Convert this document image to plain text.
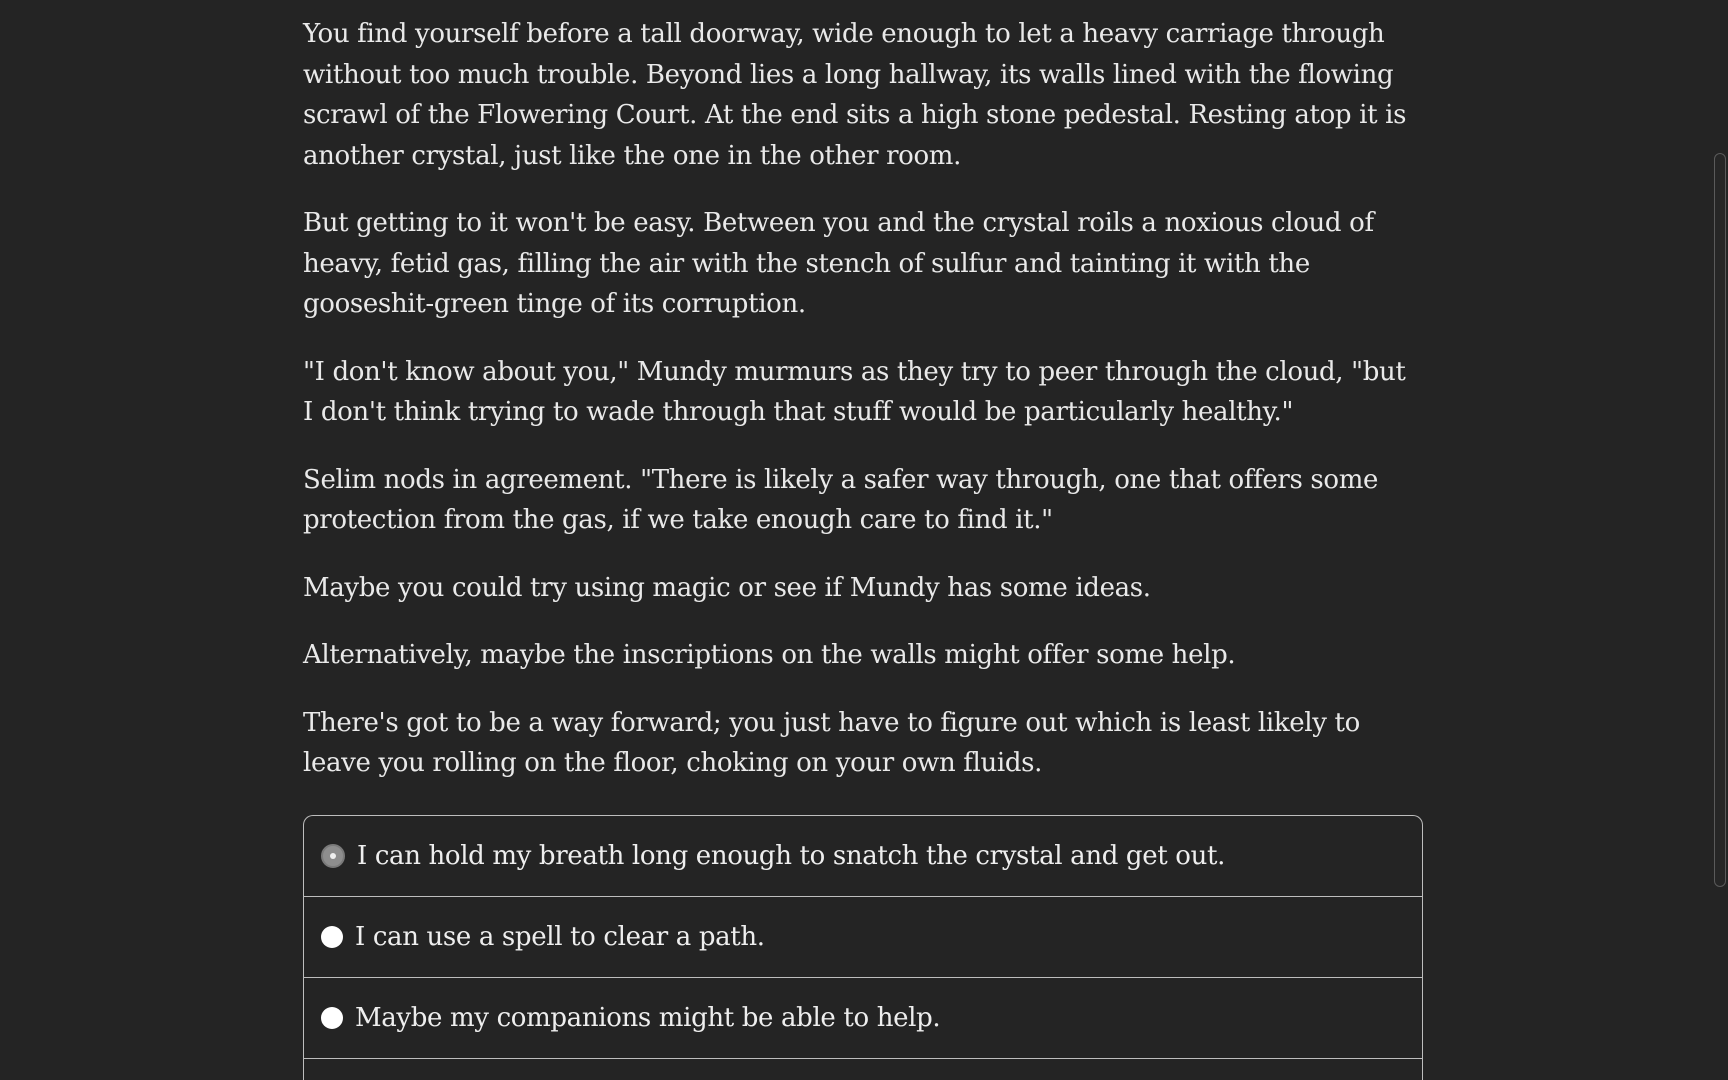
You find yourself before a tall doorway, wide enough to let a heavy carriage through without too much trouble. Beyond lies a long hallway, its walls lined with the flowing scrawl of the Flowering Court. At the end sits a high stone pedestal. Resting atop it is another crystal, just like the one in the other room.

But getting to it won't be easy. Between you and the crystal roils a noxious cloud of heavy, fetid gas, filling the air with the stench of sulfur and tainting it with the gooseshit-green tinge of its corruption.

"I don't know about you," Mundy murmurs as they try to peer through the cloud, "but I don't think trying to wade through that stuff would be particularly healthy."

Selim nods in agreement. "There is likely a safer way through, one that offers some protection from the gas, if we take enough care to find it."

Maybe you could try using magic or see if Mundy has some ideas.

Alternatively, maybe the inscriptions on the walls might offer some help.

There's got to be a way forward; you just have to figure out which is least likely to leave you rolling on the floor, choking on your own fluids.

I can hold my breath long enough to snatch the crystal and get out.
I can use a spell to clear a path.
Maybe my companions might be able to help.
